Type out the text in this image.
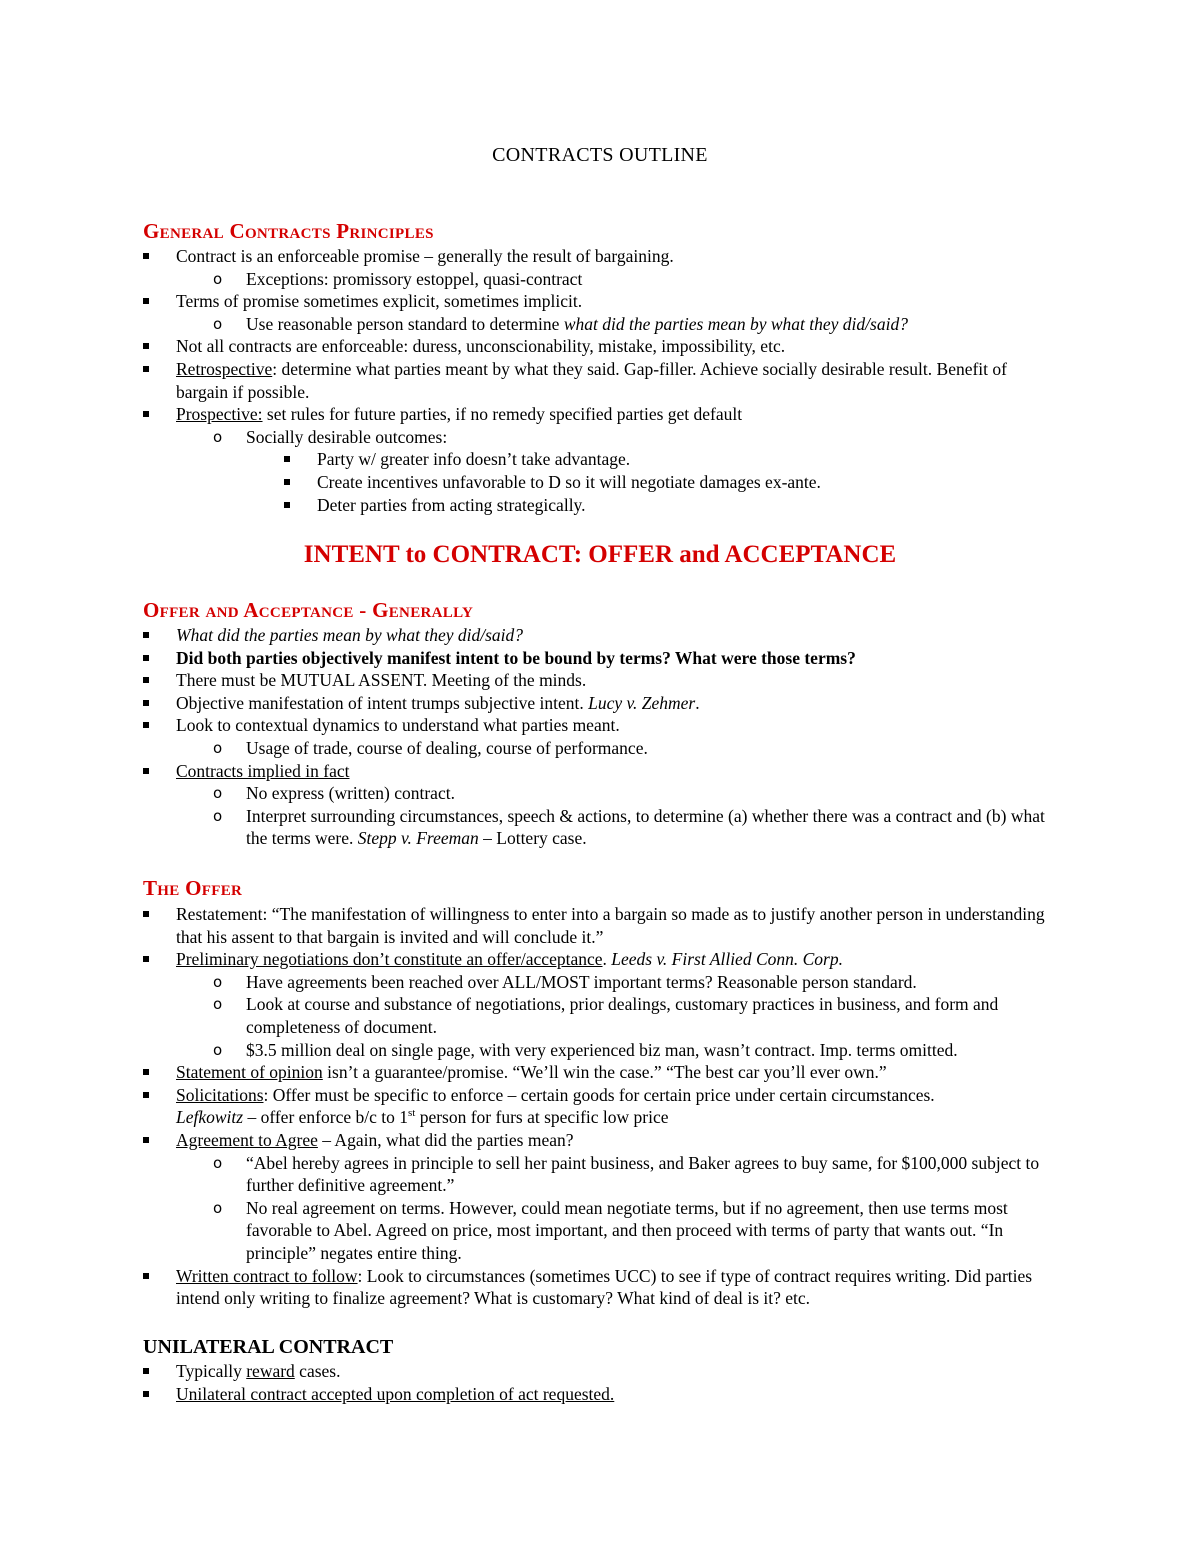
CONTRACTS OUTLINE
General Contracts Principles
Contract is an enforceable promise – generally the result of bargaining.
o Exceptions: promissory estoppel, quasi-contract
Terms of promise sometimes explicit, sometimes implicit.
o Use reasonable person standard to determine what did the parties mean by what they did/said?
Not all contracts are enforceable: duress, unconscionability, mistake, impossibility, etc.
Retrospective: determine what parties meant by what they said. Gap-filler. Achieve socially desirable result. Benefit of bargain if possible.
Prospective: set rules for future parties, if no remedy specified parties get default
o Socially desirable outcomes:
Party w/ greater info doesn’t take advantage.
Create incentives unfavorable to D so it will negotiate damages ex-ante.
Deter parties from acting strategically.
INTENT to CONTRACT: OFFER and ACCEPTANCE
Offer and Acceptance - Generally
What did the parties mean by what they did/said?
Did both parties objectively manifest intent to be bound by terms? What were those terms?
There must be MUTUAL ASSENT. Meeting of the minds.
Objective manifestation of intent trumps subjective intent. Lucy v. Zehmer.
Look to contextual dynamics to understand what parties meant.
o Usage of trade, course of dealing, course of performance.
Contracts implied in fact
o No express (written) contract.
o Interpret surrounding circumstances, speech & actions, to determine (a) whether there was a contract and (b) what the terms were. Stepp v. Freeman – Lottery case.
The Offer
Restatement: “The manifestation of willingness to enter into a bargain so made as to justify another person in understanding that his assent to that bargain is invited and will conclude it.”
Preliminary negotiations don’t constitute an offer/acceptance. Leeds v. First Allied Conn. Corp.
o Have agreements been reached over ALL/MOST important terms? Reasonable person standard.
o Look at course and substance of negotiations, prior dealings, customary practices in business, and form and completeness of document.
o $3.5 million deal on single page, with very experienced biz man, wasn’t contract. Imp. terms omitted.
Statement of opinion isn’t a guarantee/promise. “We’ll win the case.” “The best car you’ll ever own.”
Solicitations: Offer must be specific to enforce – certain goods for certain price under certain circumstances.
Lefkowitz – offer enforce b/c to 1st person for furs at specific low price
Agreement to Agree – Again, what did the parties mean?
o “Abel hereby agrees in principle to sell her paint business, and Baker agrees to buy same, for $100,000 subject to further definitive agreement.”
o No real agreement on terms. However, could mean negotiate terms, but if no agreement, then use terms most favorable to Abel. Agreed on price, most important, and then proceed with terms of party that wants out. “In principle” negates entire thing.
Written contract to follow: Look to circumstances (sometimes UCC) to see if type of contract requires writing. Did parties intend only writing to finalize agreement? What is customary? What kind of deal is it? etc.
UNILATERAL CONTRACT
Typically reward cases.
Unilateral contract accepted upon completion of act requested.
